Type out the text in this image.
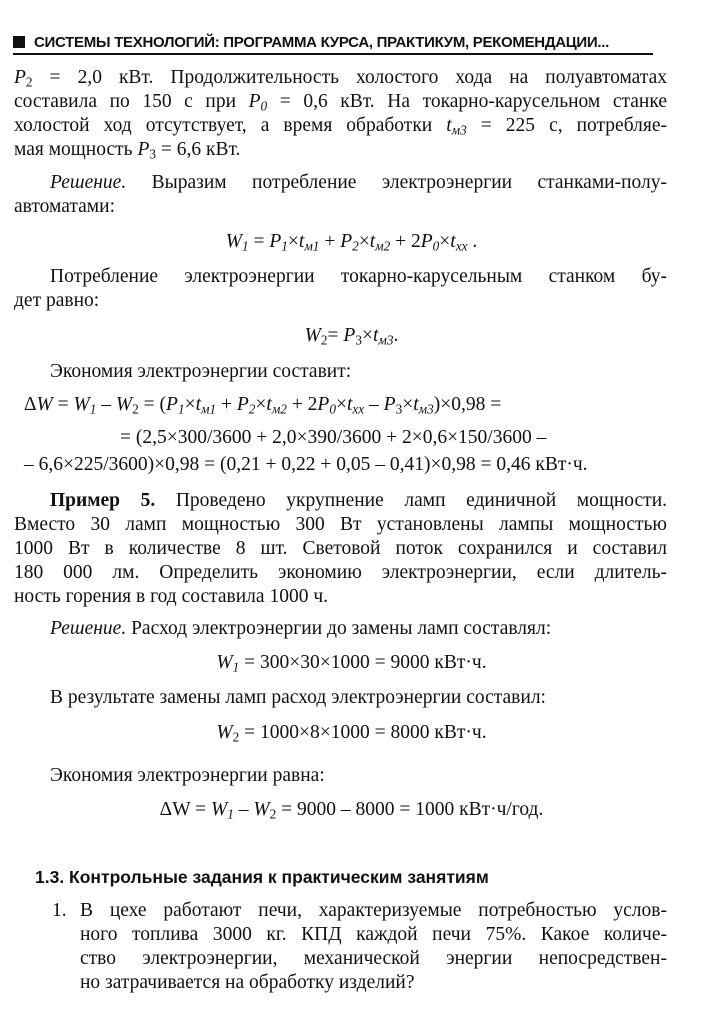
СИСТЕМЫ ТЕХНОЛОГИЙ: ПРОГРАММА КУРСА, ПРАКТИКУМ, РЕКОМЕНДАЦИИ...
$P_2 = 2,0$ кВт. Продолжительность холостого хода на полуавтоматах
составила по 150 с при $P_0 = 0,6$ кВт. На токарно-карусельном станке
холостой ход отсутствует, а время обработки $t_{м3} = 225$ с, потребляе-
мая мощность $P_3 = 6,6$ кВт.
Решение. Выразим потребление электроэнергии станками-полу-
автоматами:
$W_1 = P_1\times t_{м1} + P_2\times t_{м2} + 2P_0\times t_{хх}$ .
Потребление электроэнергии токарно-карусельным станком бу-
дет равно:
$W_2= P_3\times t_{м3}$.
Экономия электроэнергии составит:
$\Delta W = W_1 - W_2 = (P_1\times t_{м1} + P_2\times t_{м2} + 2P_0\times t_{хх} - P_3\times t_{м3})\times 0,98$ =
= (2,5×300/3600 + 2,0×390/3600 + 2×0,6×150/3600 –
– 6,6×225/3600)×0,98 = (0,21 + 0,22 + 0,05 – 0,41)×0,98 = 0,46 кВт·ч.
Пример 5. Проведено укрупнение ламп единичной мощности.
Вместо 30 ламп мощностью 300 Вт установлены лампы мощностью
1000 Вт в количестве 8 шт. Световой поток сохранился и составил
180 000 лм. Определить экономию электроэнергии, если длитель-
ность горения в год составила 1000 ч.
Решение. Расход электроэнергии до замены ламп составлял:
$W_1 = 300\times 30\times 1000 = 9000$ кВт·ч.
В результате замены ламп расход электроэнергии составил:
$W_2 = 1000\times 8\times 1000 = 8000$ кВт·ч.
Экономия электроэнергии равна:
$\Delta W = W_1 - W_2 = 9000 - 8000 = 1000$ кВт·ч/год.
1.3. Контрольные задания к практическим занятиям
1. В цехе работают печи, характеризуемые потребностью услов-
ного топлива 3000 кг. КПД каждой печи 75%. Какое количе-
ство электроэнергии, механической энергии непосредствен-
но затрачивается на обработку изделий?
